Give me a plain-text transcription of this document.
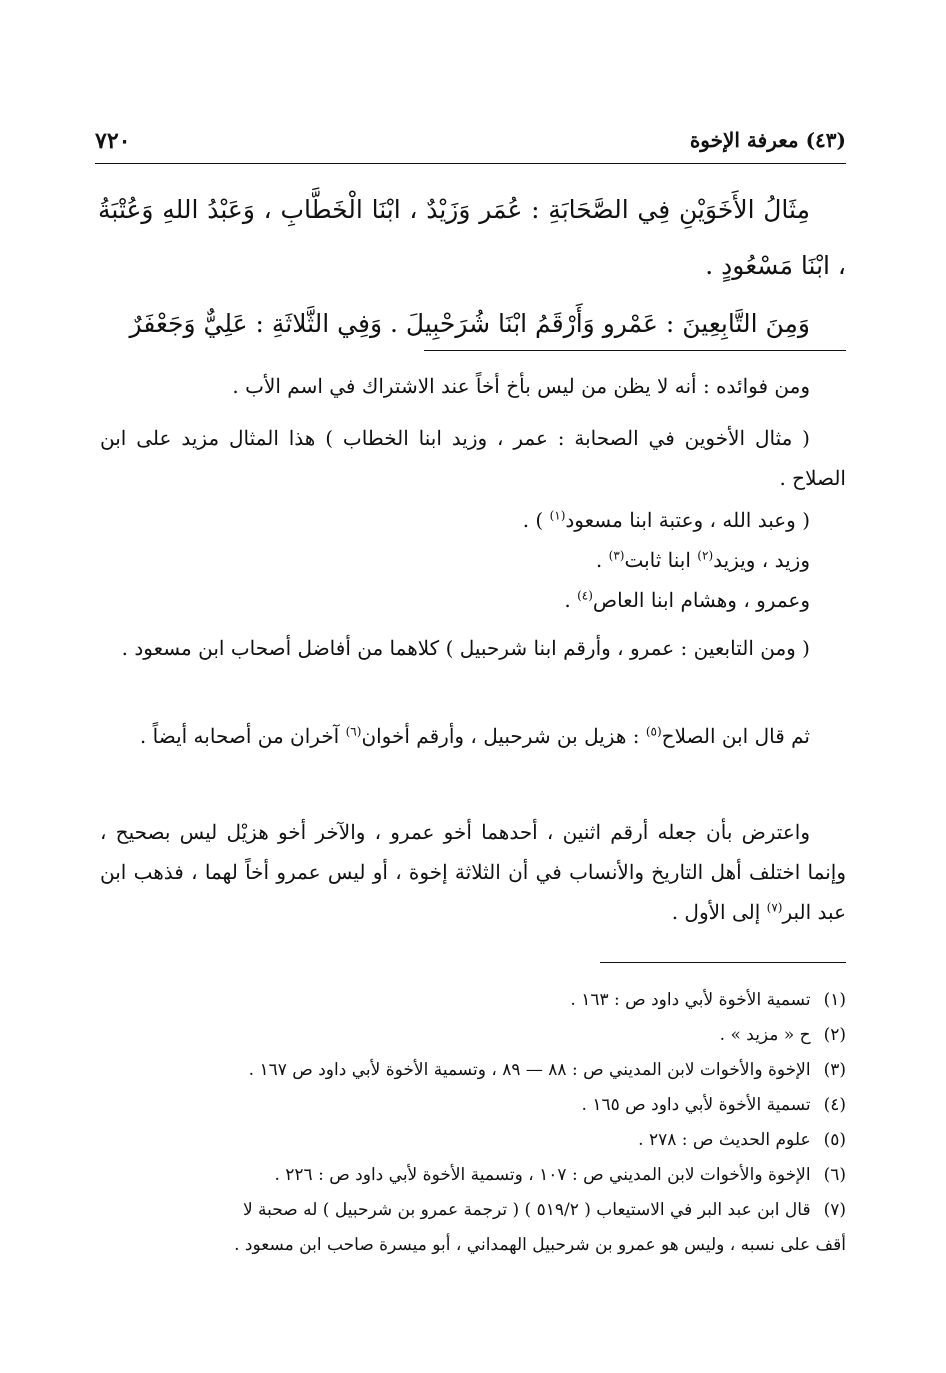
(٤٣) معرفة الإخوة
٧٢٠
مِثَالُ الأَخَوَيْنِ فِي الصَّحَابَةِ : عُمَر وَزَيْدٌ ، ابْنَا الْخَطَّابِ ، وَعَبْدُ اللهِ وَعُتْبَةُ ، ابْنَا مَسْعُودٍ .
وَمِنَ التَّابِعِينَ : عَمْرو وَأَرْقَمُ ابْنَا شُرَحْبِيلَ . وَفِي الثَّلاثَةِ : عَلِيٌّ وَجَعْفَرٌ
ومن فوائده : أنه لا يظن من ليس بأخ أخاً عند الاشتراك في اسم الأب .
( مثال الأخوين في الصحابة : عمر ، وزيد ابنا الخطاب ) هذا المثال مزيد على ابن الصلاح .
( وعبد الله ، وعتبة ابنا مسعود$^{(١)}$ ) .
وزيد ، ويزيد$^{(٢)}$ ابنا ثابت$^{(٣)}$ .
وعمرو ، وهشام ابنا العاص$^{(٤)}$ .
( ومن التابعين : عمرو ، وأرقم ابنا شرحبيل ) كلاهما من أفاضل أصحاب ابن مسعود .
ثم قال ابن الصلاح$^{(٥)}$ : هزيل بن شرحبيل ، وأرقم أخوان$^{(٦)}$ آخران من أصحابه أيضاً .
واعترض بأن جعله أرقم اثنين ، أحدهما أخو عمرو ، والآخر أخو هزيْل ليس بصحيح ، وإنما اختلف أهل التاريخ والأنساب في أن الثلاثة إخوة ، أو ليس عمرو أخاً لهما ، فذهب ابن عبد البر$^{(٧)}$ إلى الأول .
(١) تسمية الأخوة لأبي داود ص : ١٦٣ .
(٢) ح « مزيد » .
(٣) الإخوة والأخوات لابن المديني ص : ٨٨ — ٨٩ ، وتسمية الأخوة لأبي داود ص ١٦٧ .
(٤) تسمية الأخوة لأبي داود ص ١٦٥ .
(٥) علوم الحديث ص : ٢٧٨ .
(٦) الإخوة والأخوات لابن المديني ص : ١٠٧ ، وتسمية الأخوة لأبي داود ص : ٢٢٦ .
(٧) قال ابن عبد البر في الاستيعاب ( ٥١٩/٢ ) ( ترجمة عمرو بن شرحبيل ) له صحبة لا
أقف على نسبه ، وليس هو عمرو بن شرحبيل الهمداني ، أبو ميسرة صاحب ابن مسعود .
